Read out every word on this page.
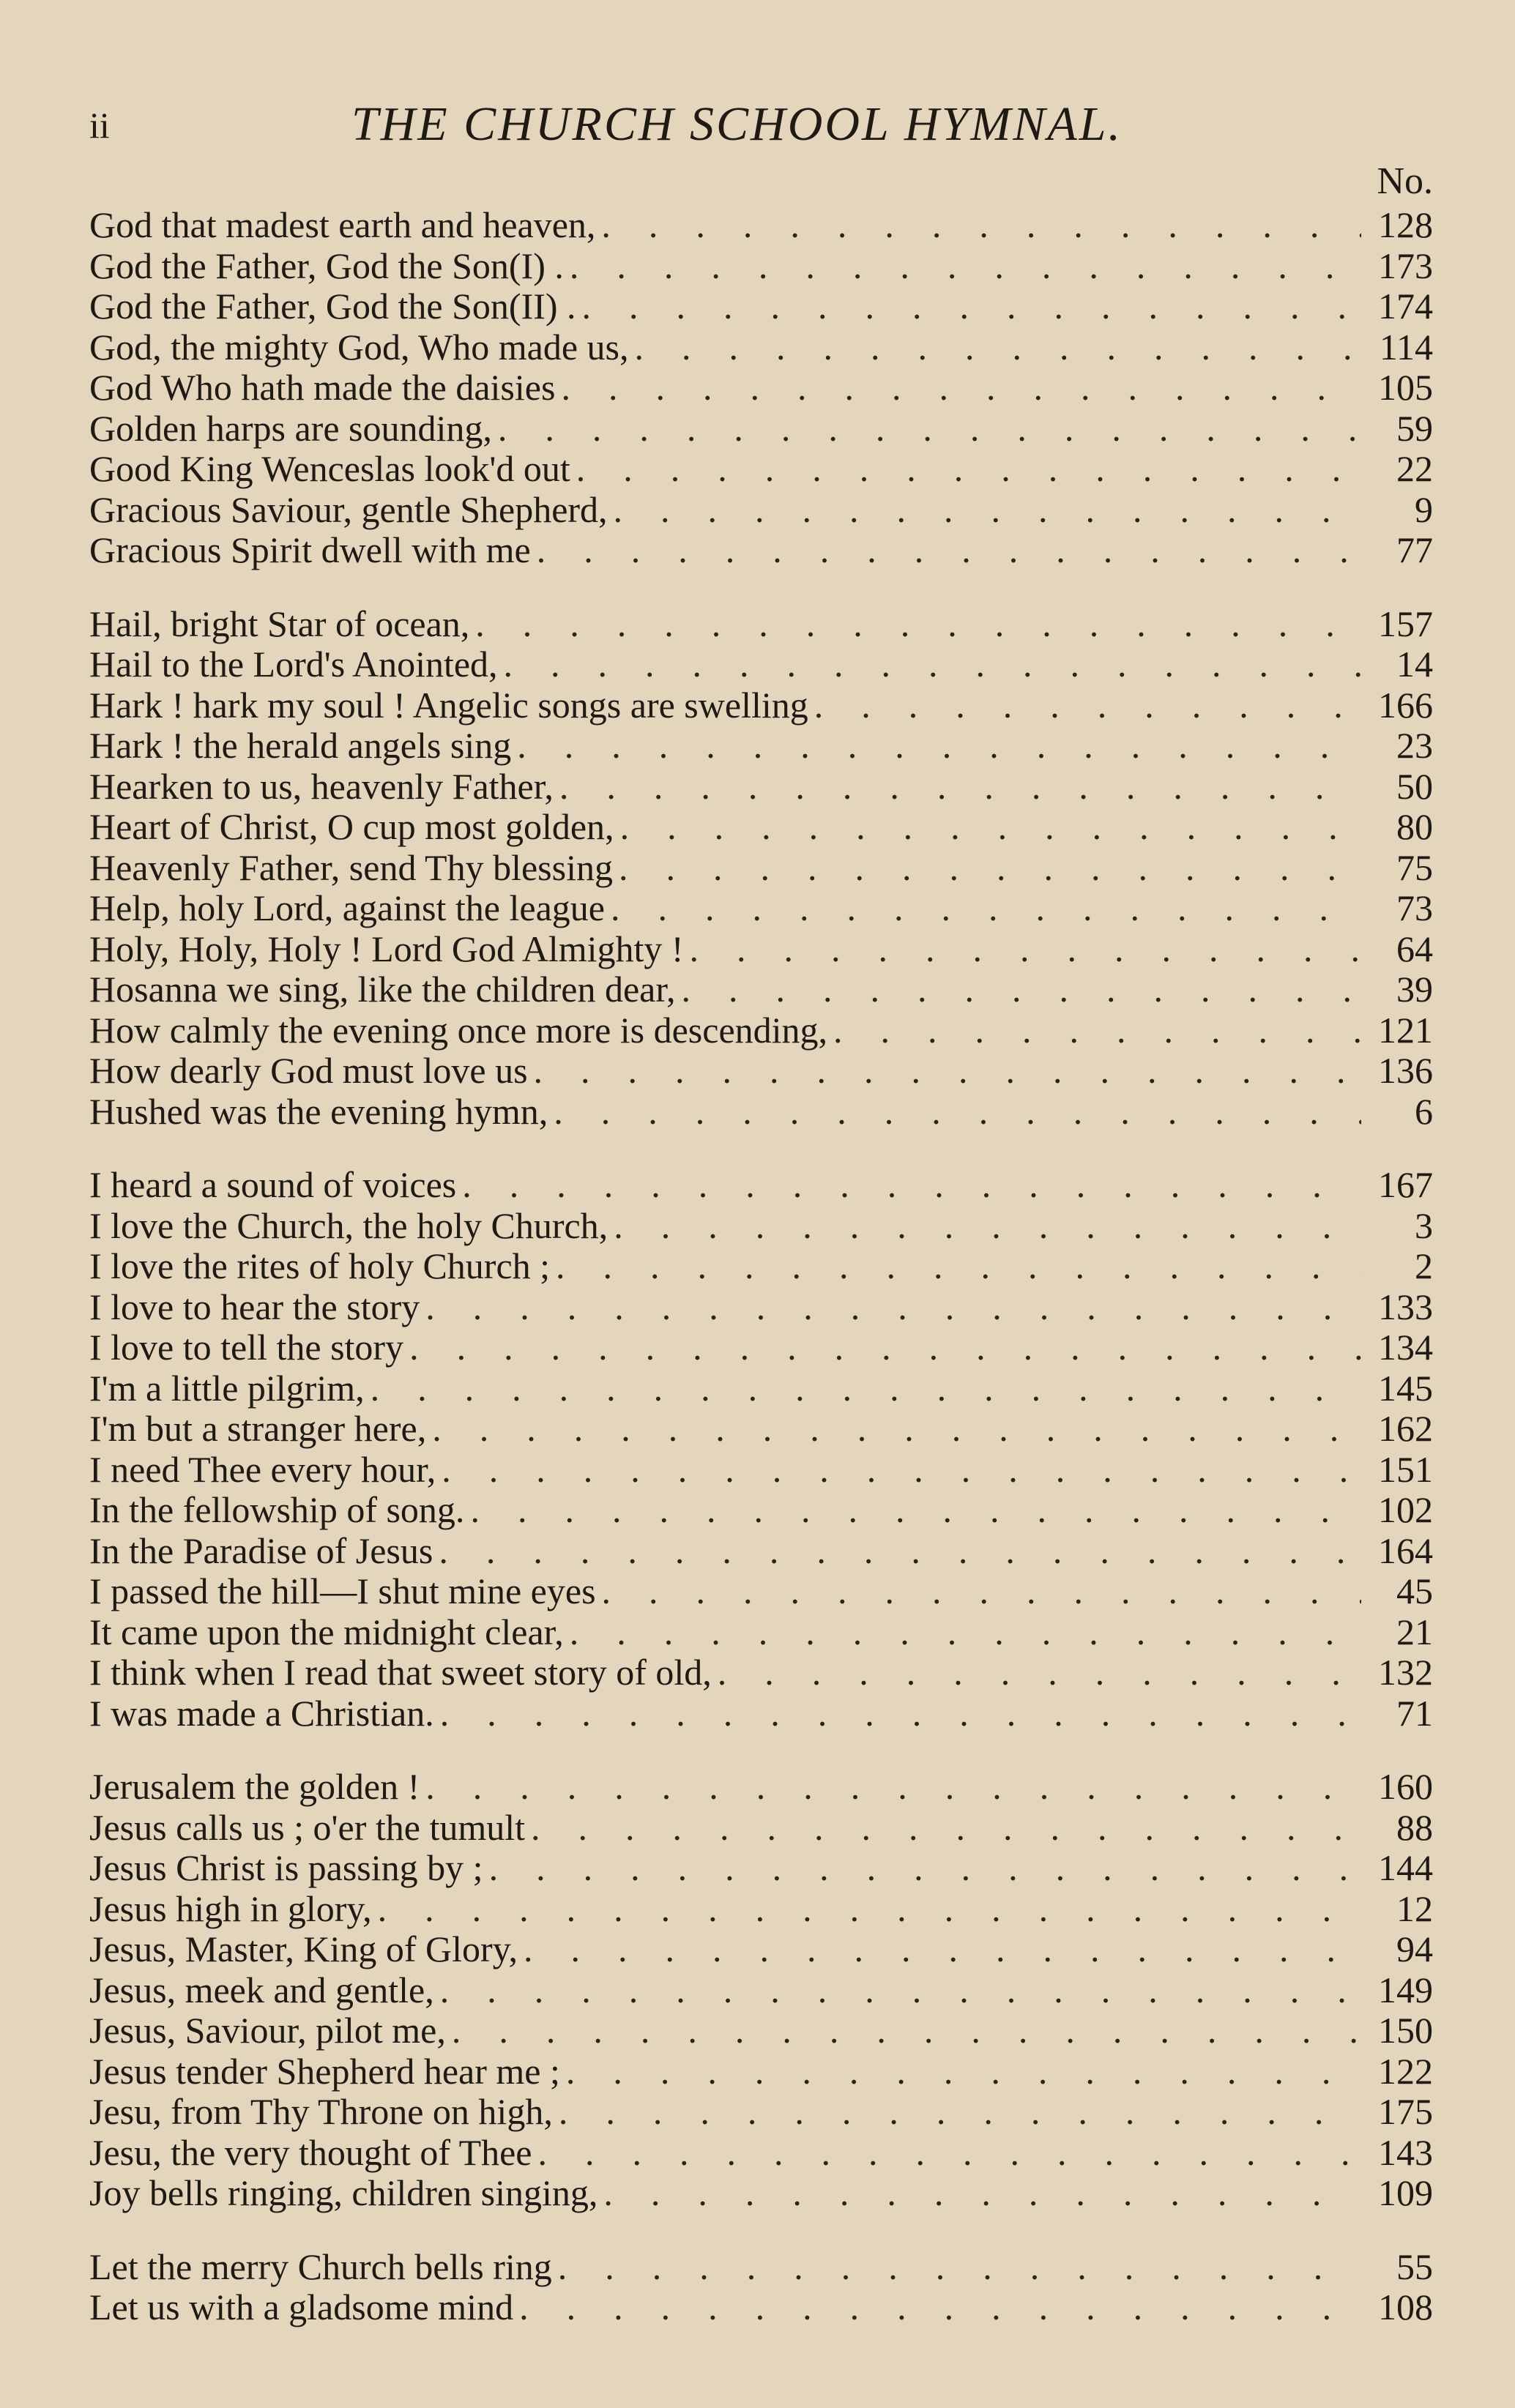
ii	THE CHURCH SCHOOL HYMNAL.
No.
God that madest earth and heaven, .....	128
God the Father, God the Son(I) . .....	173
God the Father, God the Son(II) . .....	174
God, the mighty God, Who made us, .....	114
God Who hath made the daisies .....	105
Golden harps are sounding, .....	59
Good King Wenceslas look'd out .....	22
Gracious Saviour, gentle Shepherd, .....	9
Gracious Spirit dwell with me .....	77
Hail, bright Star of ocean, .....	157
Hail to the Lord's Anointed, .....	14
Hark ! hark my soul ! Angelic songs are swelling .....	166
Hark ! the herald angels sing .....	23
Hearken to us, heavenly Father, .....	50
Heart of Christ, O cup most golden, .....	80
Heavenly Father, send Thy blessing .....	75
Help, holy Lord, against the league .....	73
Holy, Holy, Holy ! Lord God Almighty ! .....	64
Hosanna we sing, like the children dear, .....	39
How calmly the evening once more is descending, .....	121
How dearly God must love us .....	136
Hushed was the evening hymn, .....	6
I heard a sound of voices .....	167
I love the Church, the holy Church, .....	3
I love the rites of holy Church ; .....	2
I love to hear the story .....	133
I love to tell the story .....	134
I'm a little pilgrim, .....	145
I'm but a stranger here, .....	162
I need Thee every hour, .....	151
In the fellowship of song. .....	102
In the Paradise of Jesus .....	164
I passed the hill—I shut mine eyes .....	45
It came upon the midnight clear, .....	21
I think when I read that sweet story of old, .....	132
I was made a Christian. .....	71
Jerusalem the golden ! .....	160
Jesus calls us ; o'er the tumult .....	88
Jesus Christ is passing by ; .....	144
Jesus high in glory, .....	12
Jesus, Master, King of Glory, .....	94
Jesus, meek and gentle, .....	149
Jesus, Saviour, pilot me, .....	150
Jesus tender Shepherd hear me ; .....	122
Jesu, from Thy Throne on high, .....	175
Jesu, the very thought of Thee .....	143
Joy bells ringing, children singing, .....	109
Let the merry Church bells ring .....	55
Let us with a gladsome mind .....	108
